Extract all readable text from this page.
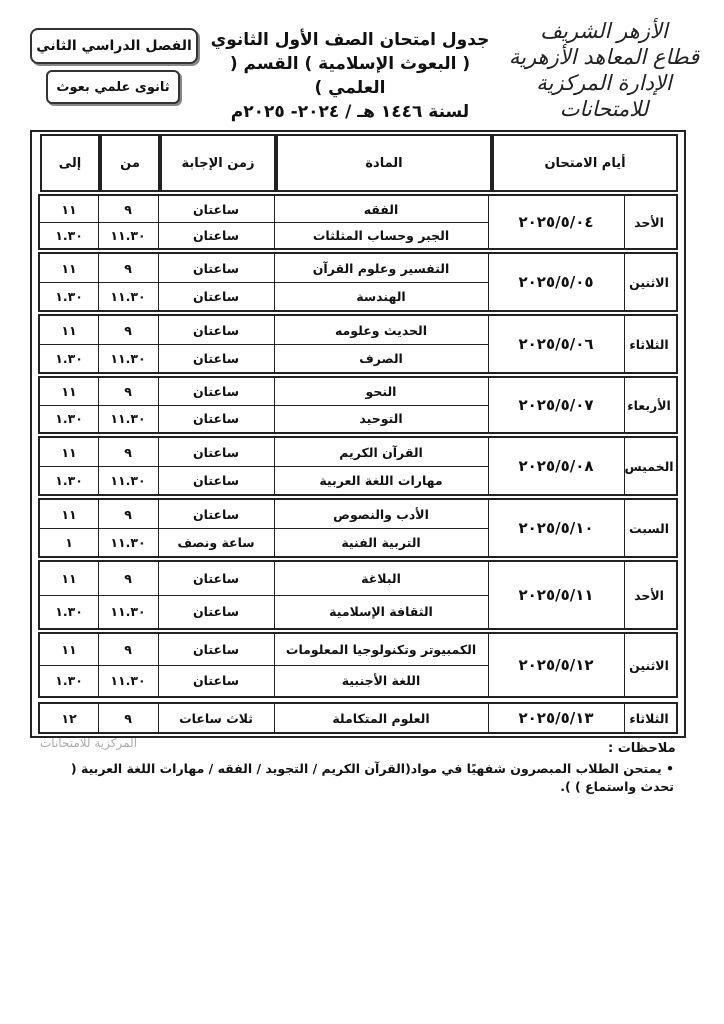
الأزهر الشريف
قطاع المعاهد الأزهرية
الإدارة المركزية للامتحانات
جدول امتحان الصف الأول الثانوي
( البعوث الإسلامية ) القسم ( العلمي )
لسنة ١٤٤٦ هـ / ٢٠٢٤- ٢٠٢٥م
الفصل الدراسي الثاني
ثانوى علمي بعوث
أيام الامتحان
المادة
زمن الإجابة
من
إلى
الأحد
٢٠٢٥/٥/٠٤
الفقه
ساعتان
٩
١١
الجبر وحساب المثلثات
ساعتان
١١.٣٠
١.٣٠
الاثنين
٢٠٢٥/٥/٠٥
التفسير وعلوم القرآن
ساعتان
٩
١١
الهندسة
ساعتان
١١.٣٠
١.٣٠
الثلاثاء
٢٠٢٥/٥/٠٦
الحديث وعلومه
ساعتان
٩
١١
الصرف
ساعتان
١١.٣٠
١.٣٠
الأربعاء
٢٠٢٥/٥/٠٧
النحو
ساعتان
٩
١١
التوحيد
ساعتان
١١.٣٠
١.٣٠
الخميس
٢٠٢٥/٥/٠٨
القرآن الكريم
ساعتان
٩
١١
مهارات اللغة العربية
ساعتان
١١.٣٠
١.٣٠
السبت
٢٠٢٥/٥/١٠
الأدب والنصوص
ساعتان
٩
١١
التربية الفنية
ساعة ونصف
١١.٣٠
١
الأحد
٢٠٢٥/٥/١١
البلاغة
ساعتان
٩
١١
الثقافة الإسلامية
ساعتان
١١.٣٠
١.٣٠
الاثنين
٢٠٢٥/٥/١٢
الكمبيوتر وتكنولوجيا المعلومات
ساعتان
٩
١١
اللغة الأجنبية
ساعتان
١١.٣٠
١.٣٠
الثلاثاء
٢٠٢٥/٥/١٣
العلوم المتكاملة
ثلاث ساعات
٩
١٢
المركزية للامتحانات	ملاحظات :
• يمتحن الطلاب المبصرون شفهيًا في مواد(القرآن الكريم / التجويد / الفقه / مهارات اللغة العربية ( تحدث واستماع ) ).
